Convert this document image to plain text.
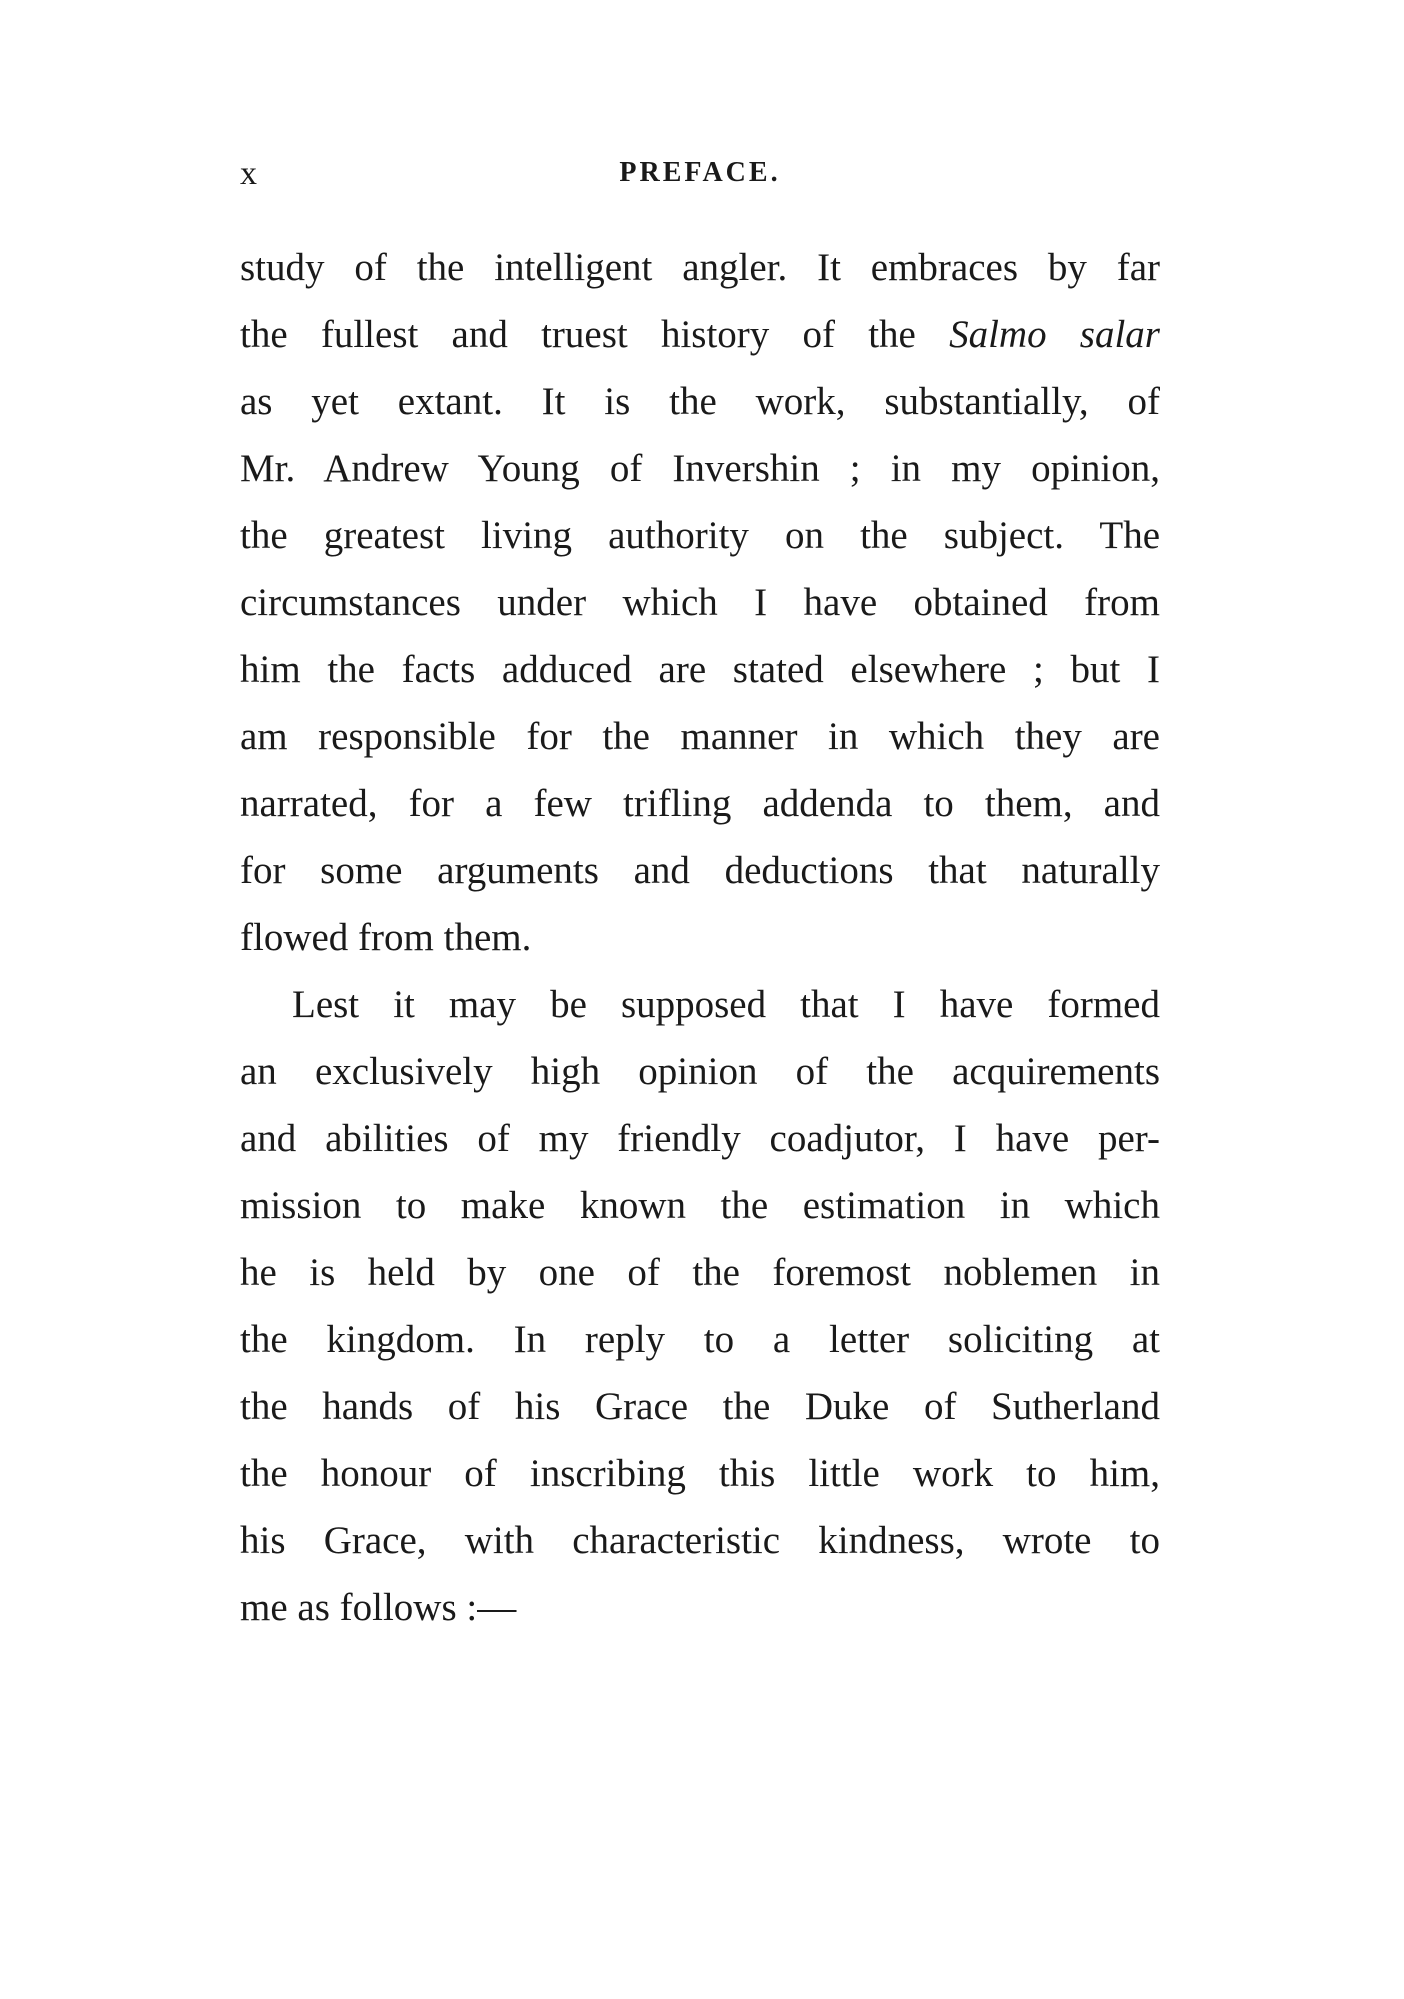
x	PREFACE.
study of the intelligent angler. It embraces by far
the fullest and truest history of the Salmo salar
as yet extant. It is the work, substantially, of
Mr. Andrew Young of Invershin ; in my opinion,
the greatest living authority on the subject. The
circumstances under which I have obtained from
him the facts adduced are stated elsewhere ; but I
am responsible for the manner in which they are
narrated, for a few trifling addenda to them, and
for some arguments and deductions that naturally
flowed from them.
Lest it may be supposed that I have formed
an exclusively high opinion of the acquirements
and abilities of my friendly coadjutor, I have per-
mission to make known the estimation in which
he is held by one of the foremost noblemen in
the kingdom. In reply to a letter soliciting at
the hands of his Grace the Duke of Sutherland
the honour of inscribing this little work to him,
his Grace, with characteristic kindness, wrote to
me as follows :—
